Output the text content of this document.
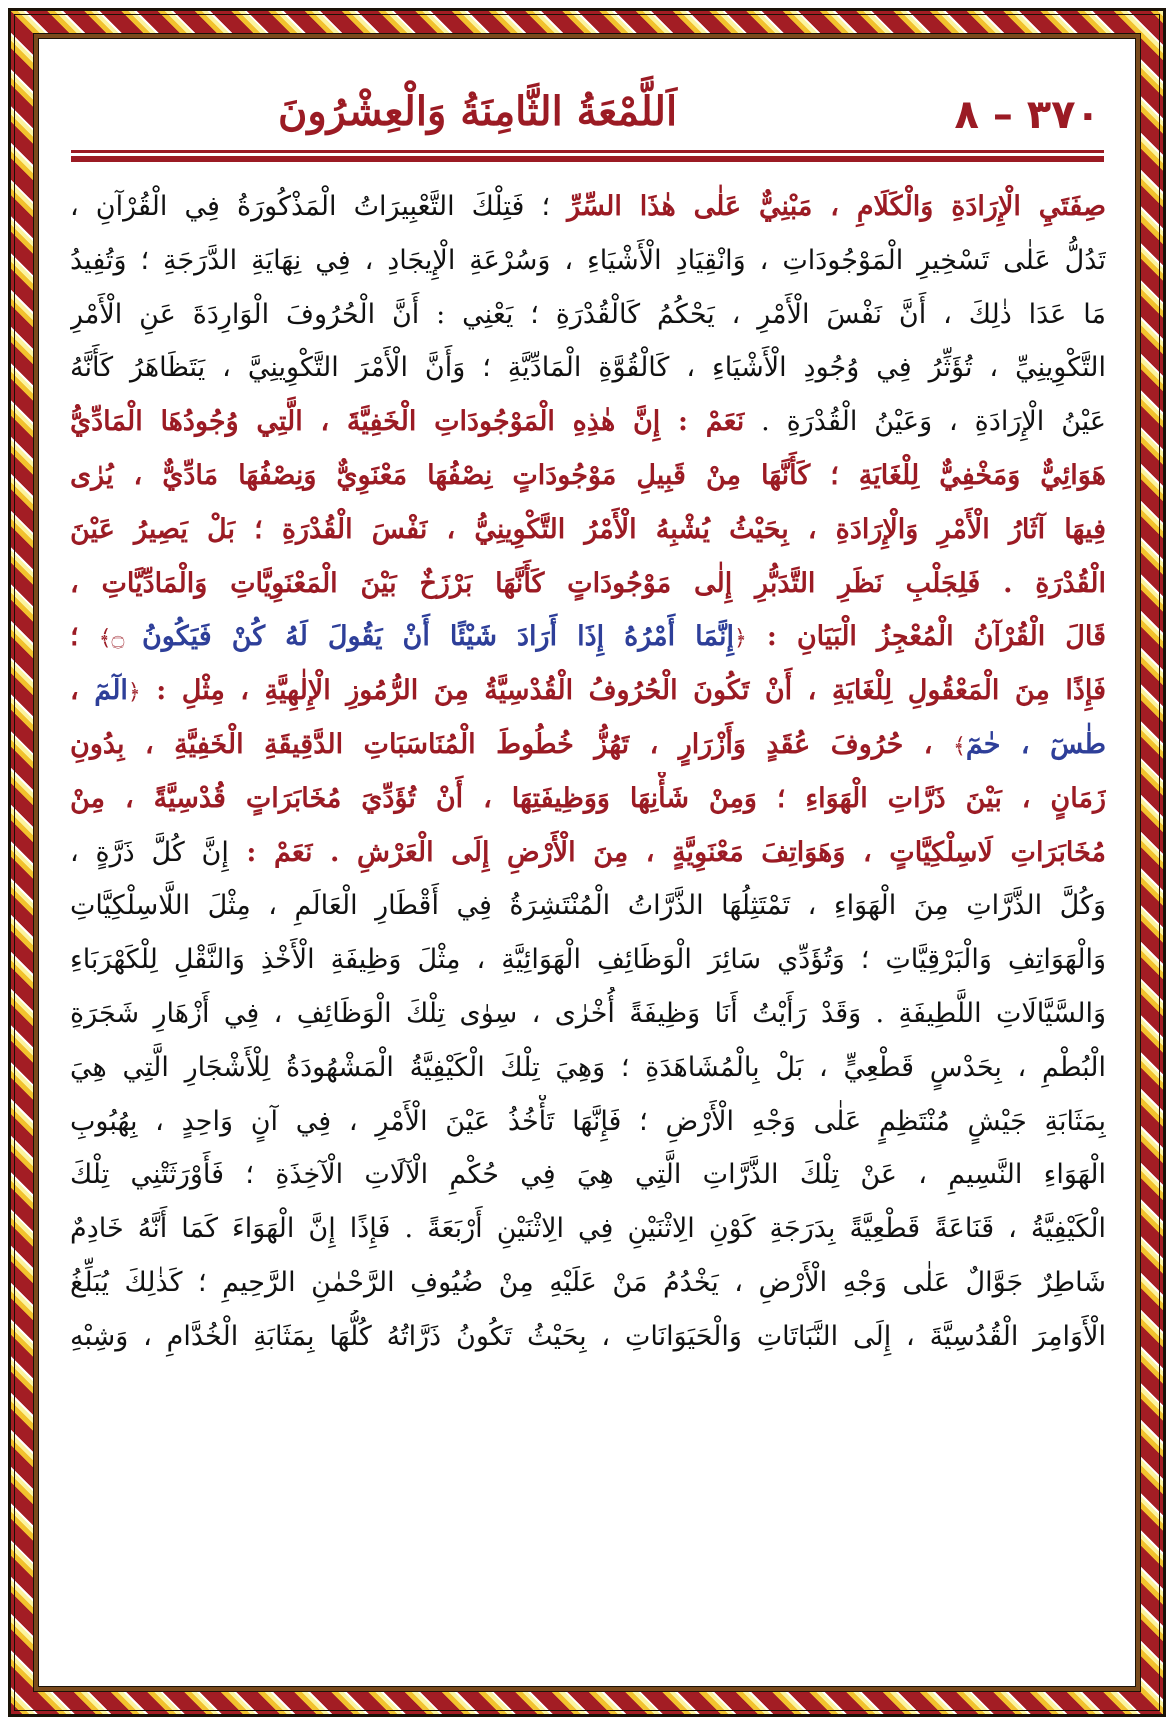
٣٧٠ – ٨
اَللَّمْعَةُ الثَّامِنَةُ وَالْعِشْرُونَ
صِفَتَيِ الْإِرَادَةِ وَالْكَلَامِ ، مَبْنِيٌّ عَلٰى هٰذَا السِّرِّ ؛ فَتِلْكَ التَّعْبِيرَاتُ الْمَذْكُورَةُ فِي الْقُرْآنِ ،
تَدُلُّ عَلٰى تَسْخِيرِ الْمَوْجُودَاتِ ، وَانْقِيَادِ الْأَشْيَاءِ ، وَسُرْعَةِ الْإِيجَادِ ، فِي نِهَايَةِ الدَّرَجَةِ ؛ وَتُفِيدُ
مَا عَدَا ذٰلِكَ ، أَنَّ نَفْسَ الْأَمْرِ ، يَحْكُمُ كَالْقُدْرَةِ ؛ يَعْنِي : أَنَّ الْحُرُوفَ الْوَارِدَةَ عَنِ الْأَمْرِ
التَّكْوِينِيِّ ، تُؤَثِّرُ فِي وُجُودِ الْأَشْيَاءِ ، كَالْقُوَّةِ الْمَادِّيَّةِ ؛ وَأَنَّ الْأَمْرَ التَّكْوِينِيَّ ، يَتَظَاهَرُ كَأَنَّهُ
عَيْنُ الْإِرَادَةِ ، وَعَيْنُ الْقُدْرَةِ . نَعَمْ : إِنَّ هٰذِهِ الْمَوْجُودَاتِ الْخَفِيَّةَ ، الَّتِي وُجُودُهَا الْمَادِّيُّ
هَوَائِيٌّ وَمَخْفِيٌّ لِلْغَايَةِ ؛ كَأَنَّهَا مِنْ قَبِيلِ مَوْجُودَاتٍ نِصْفُهَا مَعْنَوِيٌّ وَنِصْفُهَا مَادِّيٌّ ، يُرٰى
فِيهَا آثَارُ الْأَمْرِ وَالْإِرَادَةِ ، بِحَيْثُ يُشْبِهُ الْأَمْرُ التَّكْوِينِيُّ ، نَفْسَ الْقُدْرَةِ ؛ بَلْ يَصِيرُ عَيْنَ
الْقُدْرَةِ . فَلِجَلْبِ نَظَرِ التَّدَبُّرِ إِلٰى مَوْجُودَاتٍ كَأَنَّهَا بَرْزَخٌ بَيْنَ الْمَعْنَوِيَّاتِ وَالْمَادِّيَّاتِ ،
قَالَ الْقُرْآنُ الْمُعْجِزُ الْبَيَانِ : ﴿إِنَّمَا أَمْرُهُ إِذَا أَرَادَ شَيْئًا أَنْ يَقُولَ لَهُ كُنْ فَيَكُونُ ۝﴾ ؛
فَإِذًا مِنَ الْمَعْقُولِ لِلْغَايَةِ ، أَنْ تَكُونَ الْحُرُوفُ الْقُدْسِيَّةُ مِنَ الرُّمُوزِ الْإِلٰهِيَّةِ ، مِثْلِ : ﴿الٓمٓ ،
طٰسٓ ، حٰمٓ﴾ ، حُرُوفَ عُقَدٍ وَأَزْرَارٍ ، تَهُزُّ خُطُوطَ الْمُنَاسَبَاتِ الدَّقِيقَةِ الْخَفِيَّةِ ، بِدُونِ
زَمَانٍ ، بَيْنَ ذَرَّاتِ الْهَوَاءِ ؛ وَمِنْ شَأْنِهَا وَوَظِيفَتِهَا ، أَنْ تُؤَدِّيَ مُخَابَرَاتٍ قُدْسِيَّةً ، مِنْ
مُخَابَرَاتِ لَاسِلْكِيَّاتٍ ، وَهَوَاتِفَ مَعْنَوِيَّةٍ ، مِنَ الْأَرْضِ إِلَى الْعَرْشِ . نَعَمْ : إِنَّ كُلَّ ذَرَّةٍ ،
وَكُلَّ الذَّرَّاتِ مِنَ الْهَوَاءِ ، تَمْتَثِلُهَا الذَّرَّاتُ الْمُنْتَشِرَةُ فِي أَقْطَارِ الْعَالَمِ ، مِثْلَ اللَّاسِلْكِيَّاتِ
وَالْهَوَاتِفِ وَالْبَرْقِيَّاتِ ؛ وَتُؤَدِّي سَائِرَ الْوَظَائِفِ الْهَوَائِيَّةِ ، مِثْلَ وَظِيفَةِ الْأَخْذِ وَالنَّقْلِ لِلْكَهْرَبَاءِ
وَالسَّيَّالَاتِ اللَّطِيفَةِ . وَقَدْ رَأَيْتُ أَنَا وَظِيفَةً أُخْرٰى ، سِوٰى تِلْكَ الْوَظَائِفِ ، فِي أَزْهَارِ شَجَرَةِ
الْبُطْمِ ، بِحَدْسٍ قَطْعِيٍّ ، بَلْ بِالْمُشَاهَدَةِ ؛ وَهِيَ تِلْكَ الْكَيْفِيَّةُ الْمَشْهُودَةُ لِلْأَشْجَارِ الَّتِي هِيَ
بِمَثَابَةِ جَيْشٍ مُنْتَظِمٍ عَلٰى وَجْهِ الْأَرْضِ ؛ فَإِنَّهَا تَأْخُذُ عَيْنَ الْأَمْرِ ، فِي آنٍ وَاحِدٍ ، بِهُبُوبِ
الْهَوَاءِ النَّسِيمِ ، عَنْ تِلْكَ الذَّرَّاتِ الَّتِي هِيَ فِي حُكْمِ الْآلَاتِ الْآخِذَةِ ؛ فَأَوْرَثَتْنِي تِلْكَ
الْكَيْفِيَّةُ ، قَنَاعَةً قَطْعِيَّةً بِدَرَجَةِ كَوْنِ الِاثْنَيْنِ فِي الِاثْنَيْنِ أَرْبَعَةً . فَإِذًا إِنَّ الْهَوَاءَ كَمَا أَنَّهُ خَادِمٌ
شَاطِرٌ جَوَّالٌ عَلٰى وَجْهِ الْأَرْضِ ، يَخْدُمُ مَنْ عَلَيْهِ مِنْ ضُيُوفِ الرَّحْمٰنِ الرَّحِيمِ ؛ كَذٰلِكَ يُبَلِّغُ
الْأَوَامِرَ الْقُدُسِيَّةَ ، إِلَى النَّبَاتَاتِ وَالْحَيَوَانَاتِ ، بِحَيْثُ تَكُونُ ذَرَّاتُهُ كُلُّهَا بِمَثَابَةِ الْخُدَّامِ ، وَشِبْهِ
